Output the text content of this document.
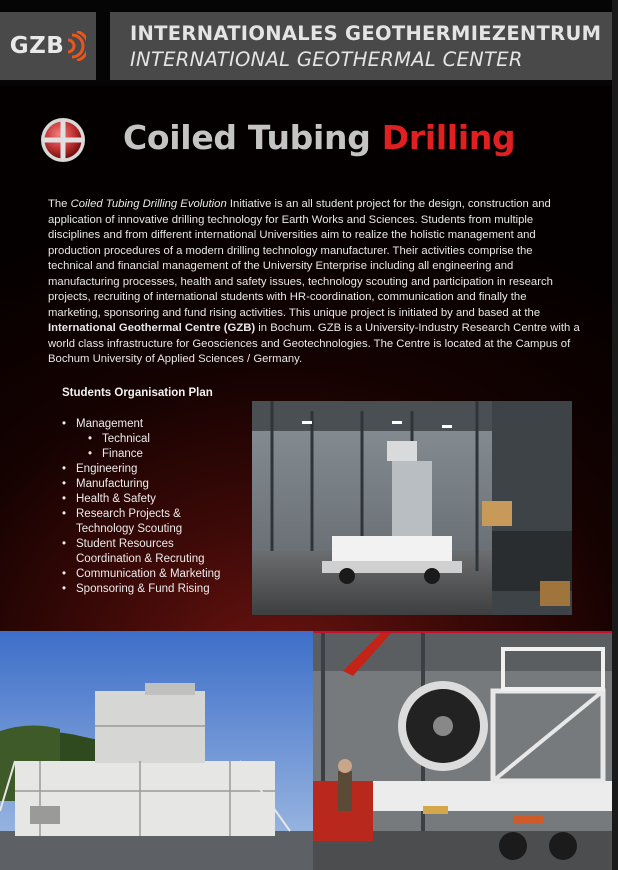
GZB	INTERNATIONALES GEOTHERMIEZENTRUM
INTERNATIONAL GEOTHERMAL CENTER
Coiled Tubing Drilling
The Coiled Tubing Drilling Evolution Initiative is an all student project for the design, construction and application of innovative drilling technology for Earth Works and Sciences. Students from multiple disciplines and from different international Universities aim to realize the holistic management and production procedures of a modern drilling technology manufacturer. Their activities comprise the technical and financial management of the University Enterprise including all engineering and manufacturing processes, health and safety issues, technology scouting and participation in research projects, recruiting of international students with HR-coordination, communication and finally the marketing, sponsoring and fund rising activities. This unique project is initiated by and based at the International Geothermal Centre (GZB) in Bochum. GZB is a University-Industry Research Centre with a world class infrastructure for Geosciences and Geotechnologies. The Centre is located at the Campus of Bochum University of Applied Sciences / Germany.
Students Organisation Plan
• Management
• Technical
• Finance
• Engineering
• Manufacturing
• Health & Safety
• Research Projects &
Technology Scouting
• Student Resources
Coordination & Recruting
• Communication & Marketing
• Sponsoring & Fund Rising
